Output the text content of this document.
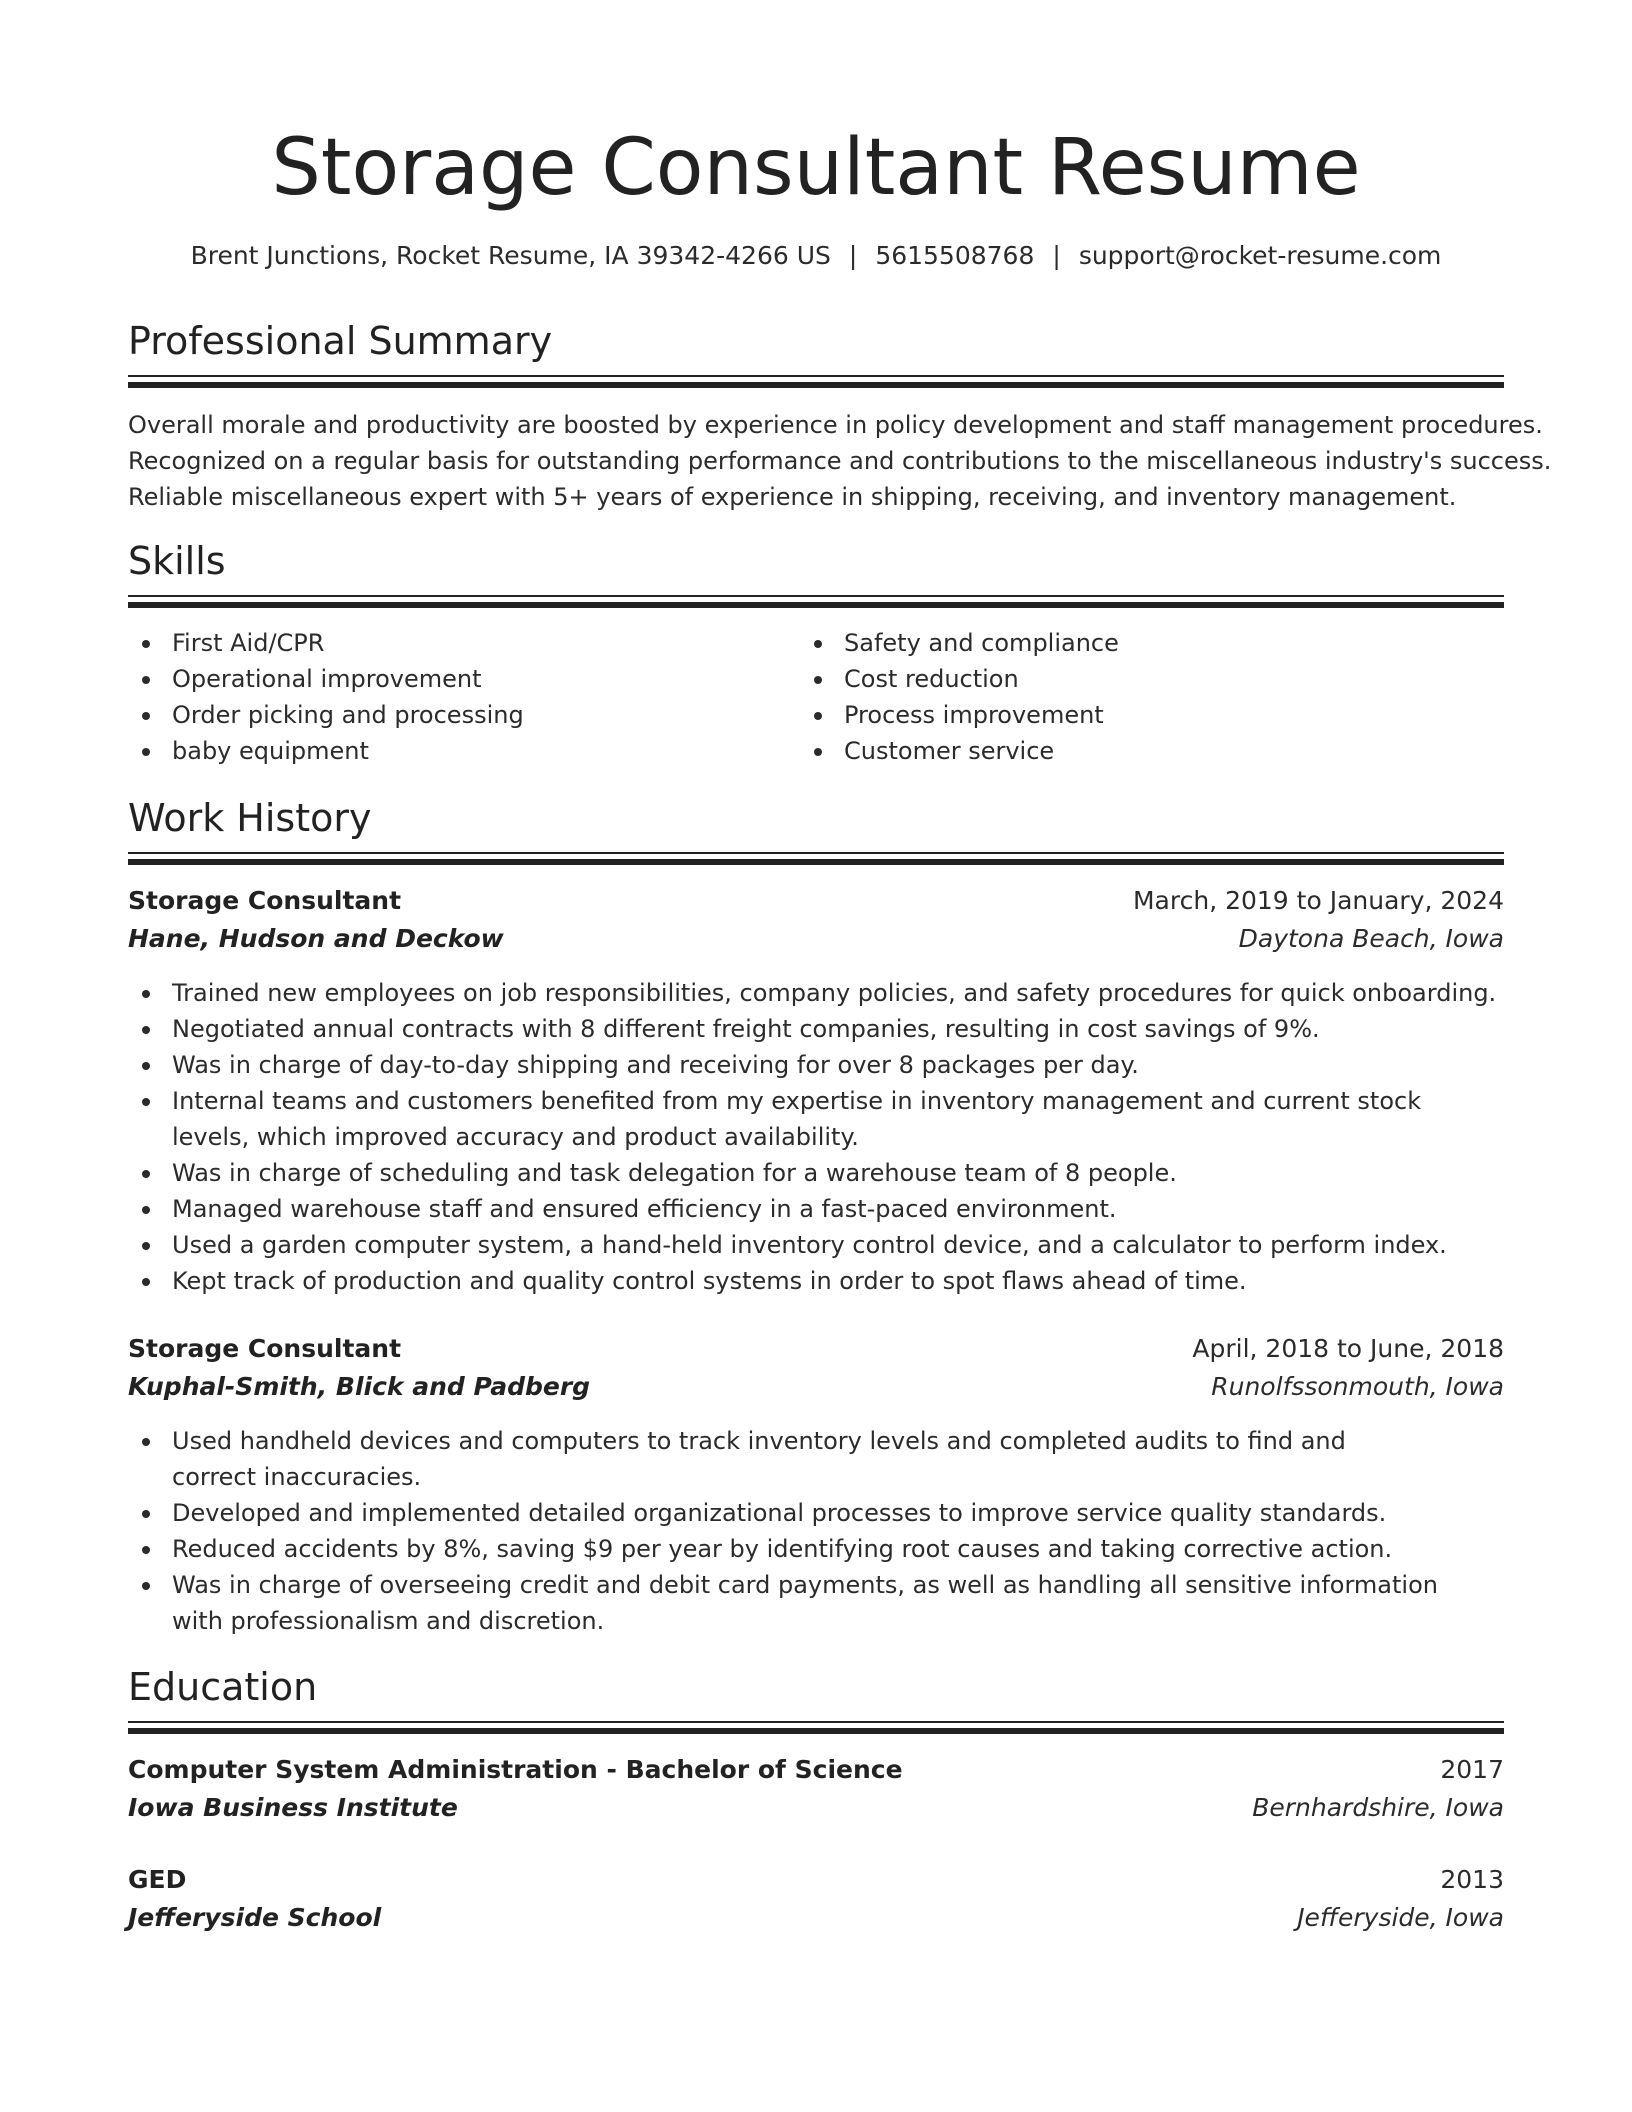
Storage Consultant Resume
Brent Junctions, Rocket Resume, IA 39342-4266 US | 5615508768 | support@rocket-resume.com
Professional Summary

Overall morale and productivity are boosted by experience in policy development and staff management procedures.

Recognized on a regular basis for outstanding performance and contributions to the miscellaneous industry's success.

Reliable miscellaneous expert with 5+ years of experience in shipping, receiving, and inventory management.

Skills
First Aid/CPR
Operational improvement
Order picking and processing
baby equipment
Safety and compliance
Cost reduction
Process improvement
Customer service
Work History
Storage Consultant	March, 2019 to January, 2024
Hane, Hudson and Deckow	Daytona Beach, Iowa
Trained new employees on job responsibilities, company policies, and safety procedures for quick onboarding.
Negotiated annual contracts with 8 different freight companies, resulting in cost savings of 9%.
Was in charge of day-to-day shipping and receiving for over 8 packages per day.
Internal teams and customers benefited from my expertise in inventory management and current stock levels, which improved accuracy and product availability.
Was in charge of scheduling and task delegation for a warehouse team of 8 people.
Managed warehouse staff and ensured efficiency in a fast-paced environment.
Used a garden computer system, a hand-held inventory control device, and a calculator to perform index.
Kept track of production and quality control systems in order to spot flaws ahead of time.
Storage Consultant	April, 2018 to June, 2018
Kuphal-Smith, Blick and Padberg	Runolfssonmouth, Iowa
Used handheld devices and computers to track inventory levels and completed audits to find and correct inaccuracies.
Developed and implemented detailed organizational processes to improve service quality standards.
Reduced accidents by 8%, saving $9 per year by identifying root causes and taking corrective action.
Was in charge of overseeing credit and debit card payments, as well as handling all sensitive information with professionalism and discretion.
Education
Computer System Administration - Bachelor of Science	2017
Iowa Business Institute	Bernhardshire, Iowa
GED	2013
Jefferyside School	Jefferyside, Iowa
